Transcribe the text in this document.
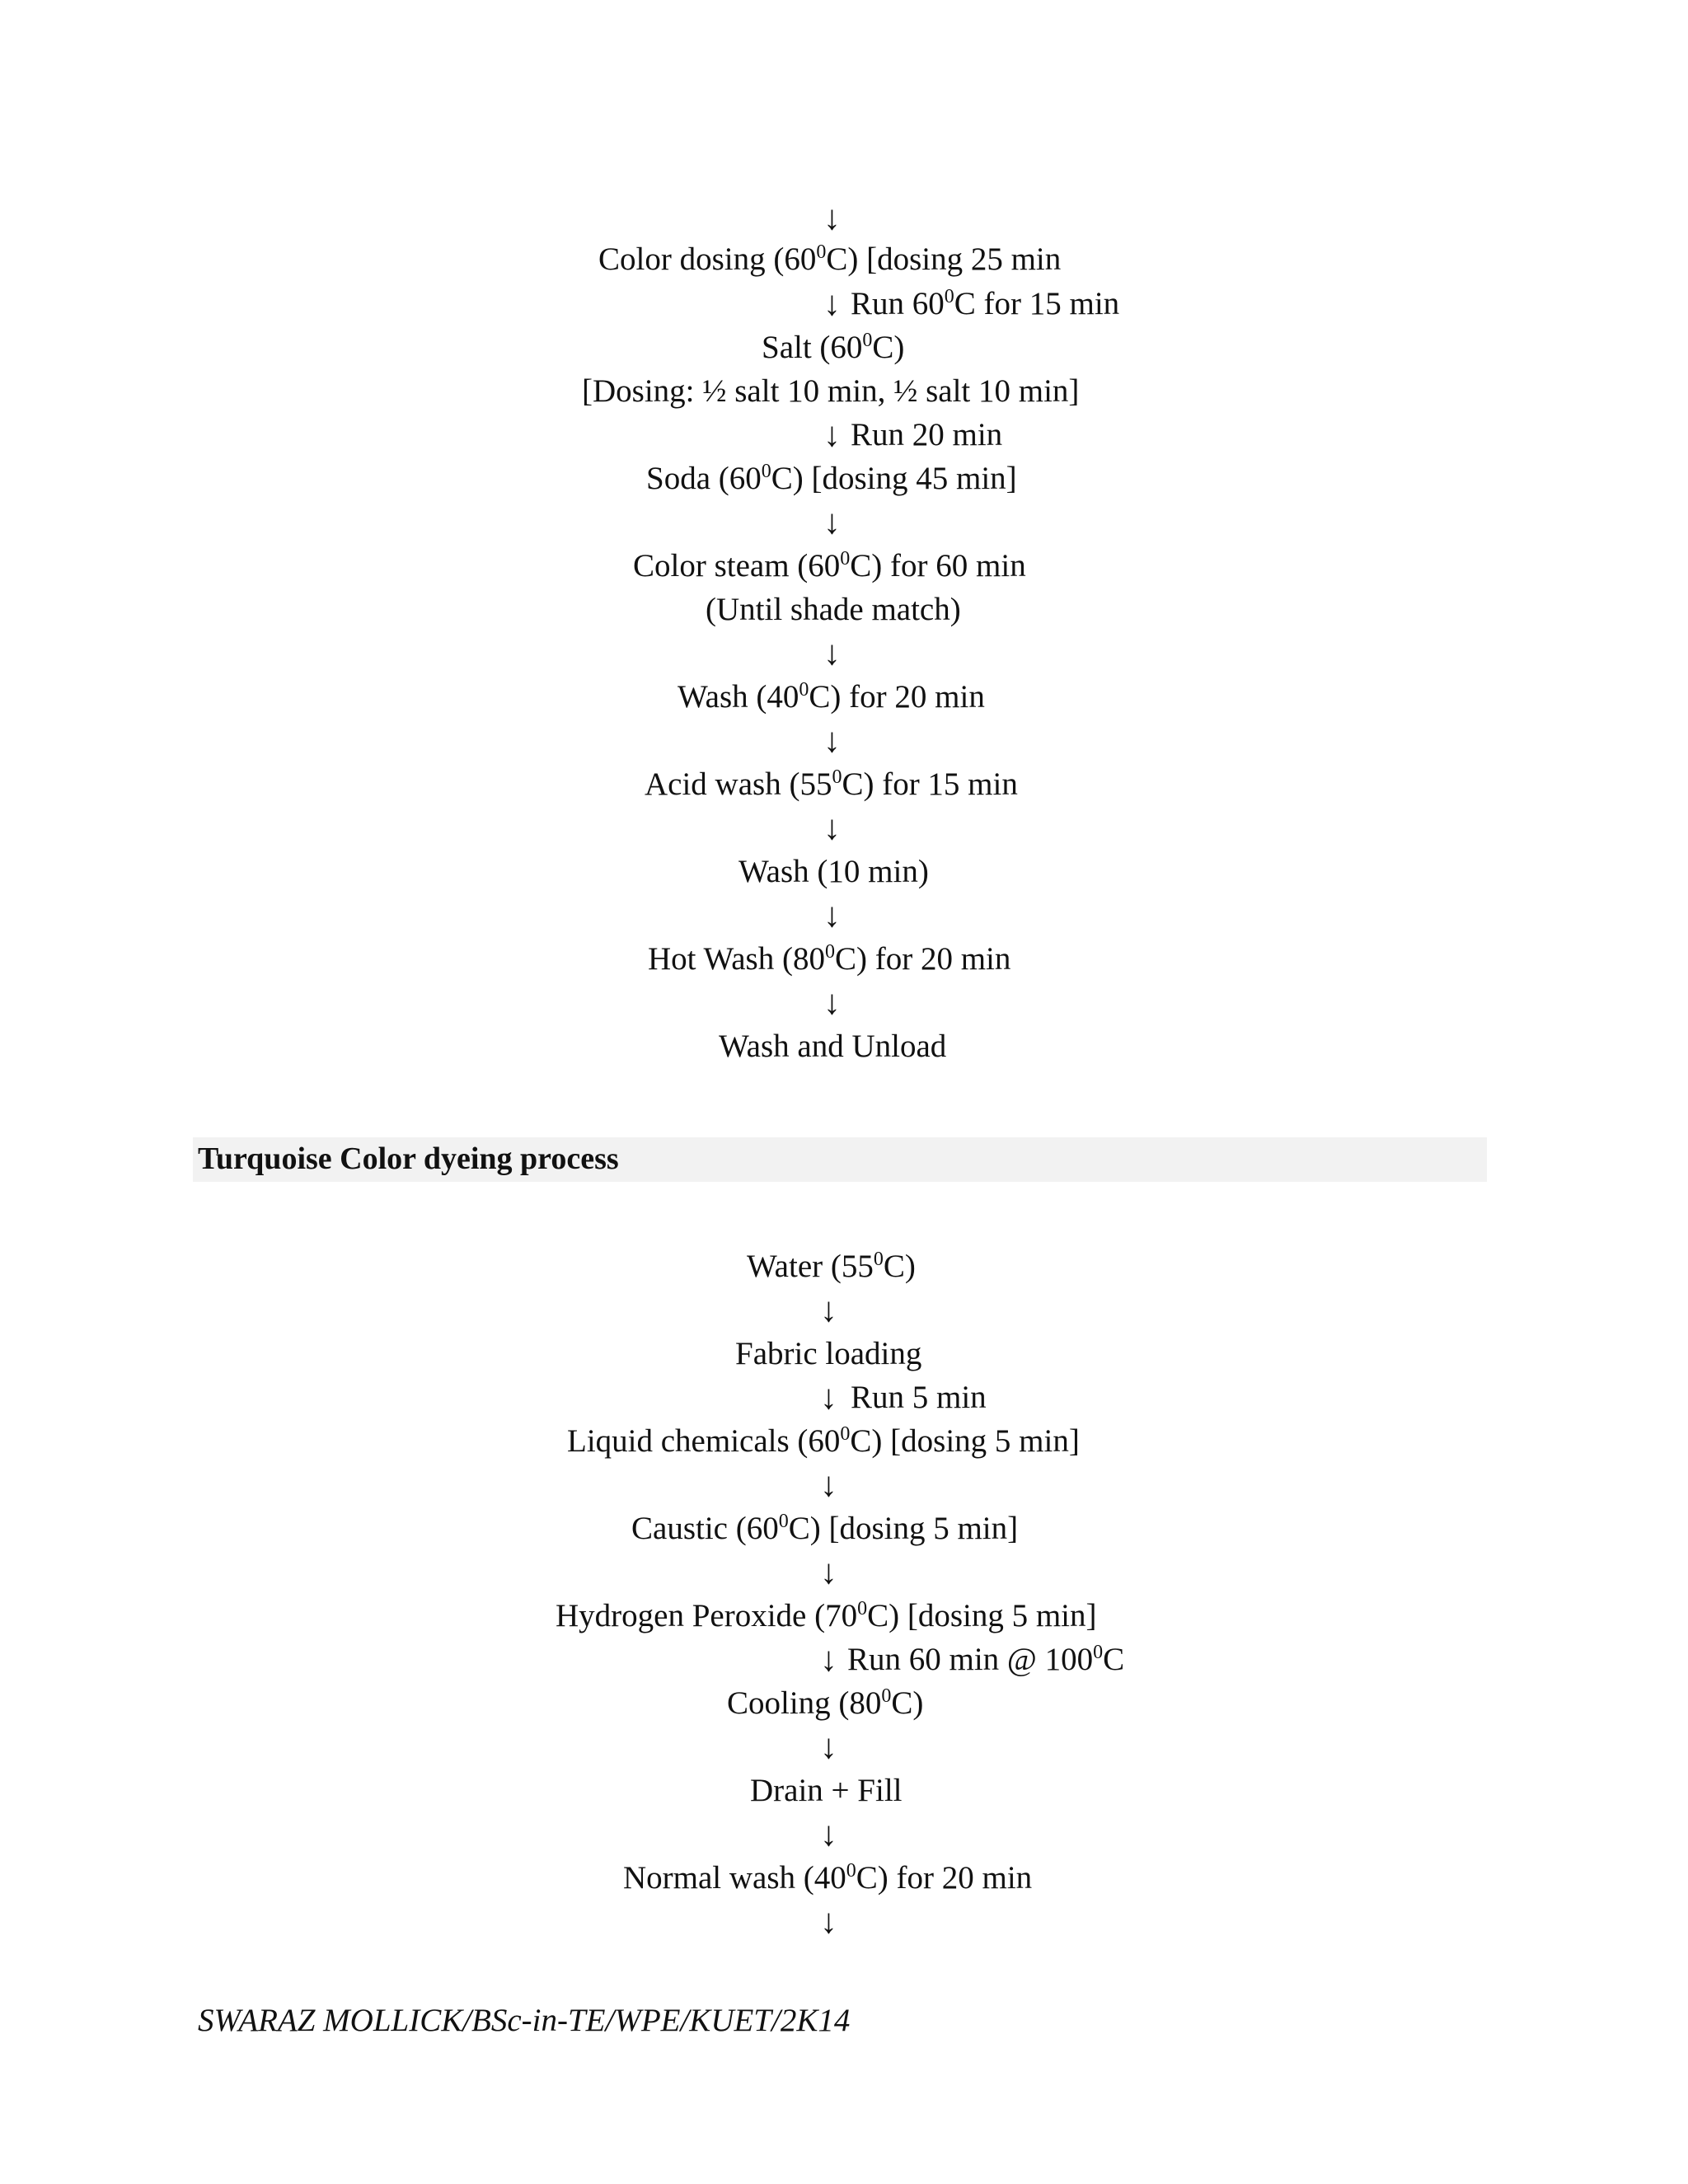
↓
Color dosing $(60^0C)$ [dosing 25 min
↓ Run $60^0C$ for 15 min
Salt $(60^0C)$
[Dosing: ½ salt 10 min, ½ salt 10 min]
↓ Run 20 min
Soda $(60^0C)$ [dosing 45 min]
↓
Color steam $(60^0C)$ for 60 min
(Until shade match)
↓
Wash $(40^0C)$ for 20 min
↓
Acid wash $(55^0C)$ for 15 min
↓
Wash (10 min)
↓
Hot Wash $(80^0C)$ for 20 min
↓
Wash and Unload
Turquoise Color dyeing process
Water $(55^0C)$
↓
Fabric loading
↓ Run 5 min
Liquid chemicals $(60^0C)$ [dosing 5 min]
↓
Caustic $(60^0C)$ [dosing 5 min]
↓
Hydrogen Peroxide $(70^0C)$ [dosing 5 min]
↓ Run 60 min @ $100^0C$
Cooling $(80^0C)$
↓
Drain + Fill
↓
Normal wash $(40^0C)$ for 20 min
↓
SWARAZ MOLLICK/BSc-in-TE/WPE/KUET/2K14
